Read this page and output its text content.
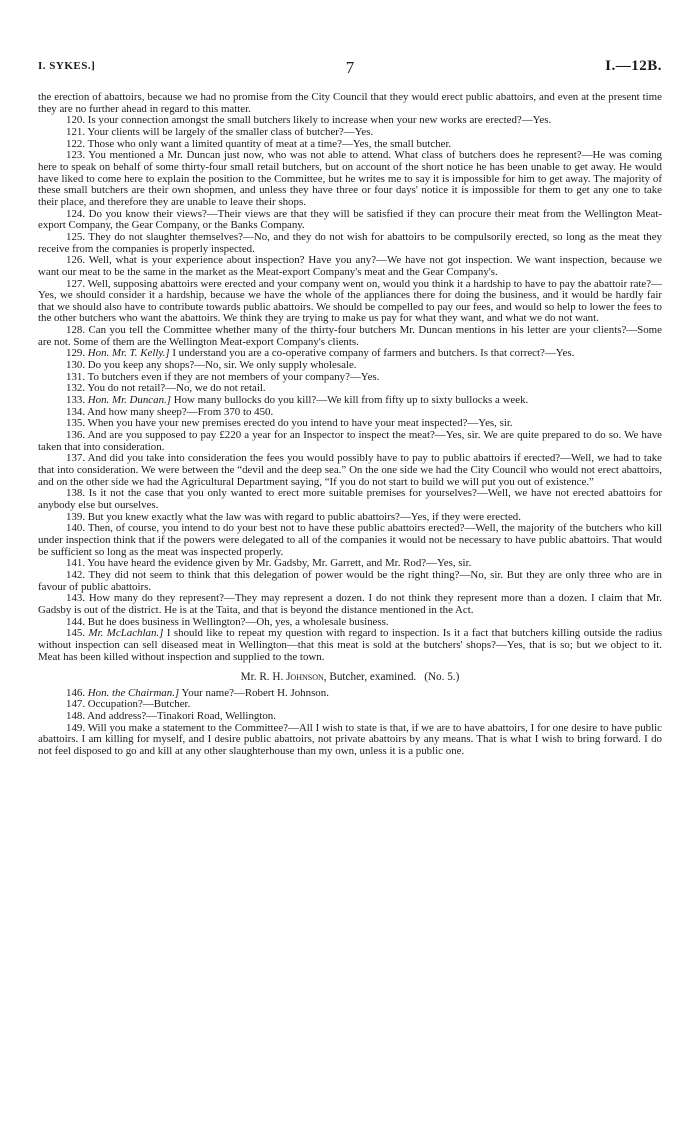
I. SYKES.]	7	I.—12B.

the erection of abattoirs, because we had no promise from the City Council that they would erect public abattoirs, and even at the present time they are no further ahead in regard to this matter.

120. Is your connection amongst the small butchers likely to increase when your new works are erected?—Yes.

121. Your clients will be largely of the smaller class of butcher?—Yes.

122. Those who only want a limited quantity of meat at a time?—Yes, the small butcher.

123. You mentioned a Mr. Duncan just now, who was not able to attend. What class of butchers does he represent?—He was coming here to speak on behalf of some thirty-four small retail butchers, but on account of the short notice he has been unable to get away. He would have liked to come here to explain the position to the Committee, but he writes me to say it is impossible for him to get away. The majority of these small butchers are their own shopmen, and unless they have three or four days' notice it is impossible for them to get any one to take their place, and therefore they are unable to leave their shops.

124. Do you know their views?—Their views are that they will be satisfied if they can procure their meat from the Wellington Meat-export Company, the Gear Company, or the Banks Company.

125. They do not slaughter themselves?—No, and they do not wish for abattoirs to be compulsorily erected, so long as the meat they receive from the companies is properly inspected.

126. Well, what is your experience about inspection? Have you any?—We have not got inspection. We want inspection, because we want our meat to be the same in the market as the Meat-export Company's meat and the Gear Company's.

127. Well, supposing abattoirs were erected and your company went on, would you think it a hardship to have to pay the abattoir rate?—Yes, we should consider it a hardship, because we have the whole of the appliances there for doing the business, and it would be hardly fair that we should also have to contribute towards public abattoirs. We should be compelled to pay our fees, and would so help to lower the fees to the other butchers who want the abattoirs. We think they are trying to make us pay for what they want, and what we do not want.

128. Can you tell the Committee whether many of the thirty-four butchers Mr. Duncan mentions in his letter are your clients?—Some are not. Some of them are the Wellington Meat-export Company's clients.

129. Hon. Mr. T. Kelly.] I understand you are a co-operative company of farmers and butchers. Is that correct?—Yes.

130. Do you keep any shops?—No, sir. We only supply wholesale.

131. To butchers even if they are not members of your company?—Yes.

132. You do not retail?—No, we do not retail.

133. Hon. Mr. Duncan.] How many bullocks do you kill?—We kill from fifty up to sixty bullocks a week.

134. And how many sheep?—From 370 to 450.

135. When you have your new premises erected do you intend to have your meat inspected?—Yes, sir.

136. And are you supposed to pay £220 a year for an Inspector to inspect the meat?—Yes, sir. We are quite prepared to do so. We have taken that into consideration.

137. And did you take into consideration the fees you would possibly have to pay to public abattoirs if erected?—Well, we had to take that into consideration. We were between the “devil and the deep sea.” On the one side we had the City Council who would not erect abattoirs, and on the other side we had the Agricultural Department saying, “If you do not start to build we will put you out of existence.”

138. Is it not the case that you only wanted to erect more suitable premises for yourselves?—Well, we have not erected abattoirs for anybody else but ourselves.

139. But you knew exactly what the law was with regard to public abattoirs?—Yes, if they were erected.

140. Then, of course, you intend to do your best not to have these public abattoirs erected?—Well, the majority of the butchers who kill under inspection think that if the powers were delegated to all of the companies it would not be necessary to have public abattoirs. That would be sufficient so long as the meat was inspected properly.

141. You have heard the evidence given by Mr. Gadsby, Mr. Garrett, and Mr. Rod?—Yes, sir.

142. They did not seem to think that this delegation of power would be the right thing?—No, sir. But they are only three who are in favour of public abattoirs.

143. How many do they represent?—They may represent a dozen. I do not think they represent more than a dozen. I claim that Mr. Gadsby is out of the district. He is at the Taita, and that is beyond the distance mentioned in the Act.

144. But he does business in Wellington?—Oh, yes, a wholesale business.

145. Mr. McLachlan.] I should like to repeat my question with regard to inspection. Is it a fact that butchers killing outside the radius without inspection can sell diseased meat in Wellington—that this meat is sold at the butchers' shops?—Yes, that is so; but we object to it. Meat has been killed without inspection and supplied to the town.

Mr. R. H. Johnson, Butcher, examined. (No. 5.)

146. Hon. the Chairman.] Your name?—Robert H. Johnson.

147. Occupation?—Butcher.

148. And address?—Tinakori Road, Wellington.

149. Will you make a statement to the Committee?—All I wish to state is that, if we are to have abattoirs, I for one desire to have public abattoirs. I am killing for myself, and I desire public abattoirs, not private abattoirs by any means. That is what I wish to bring forward. I do not feel disposed to go and kill at any other slaughterhouse than my own, unless it is a public one.
